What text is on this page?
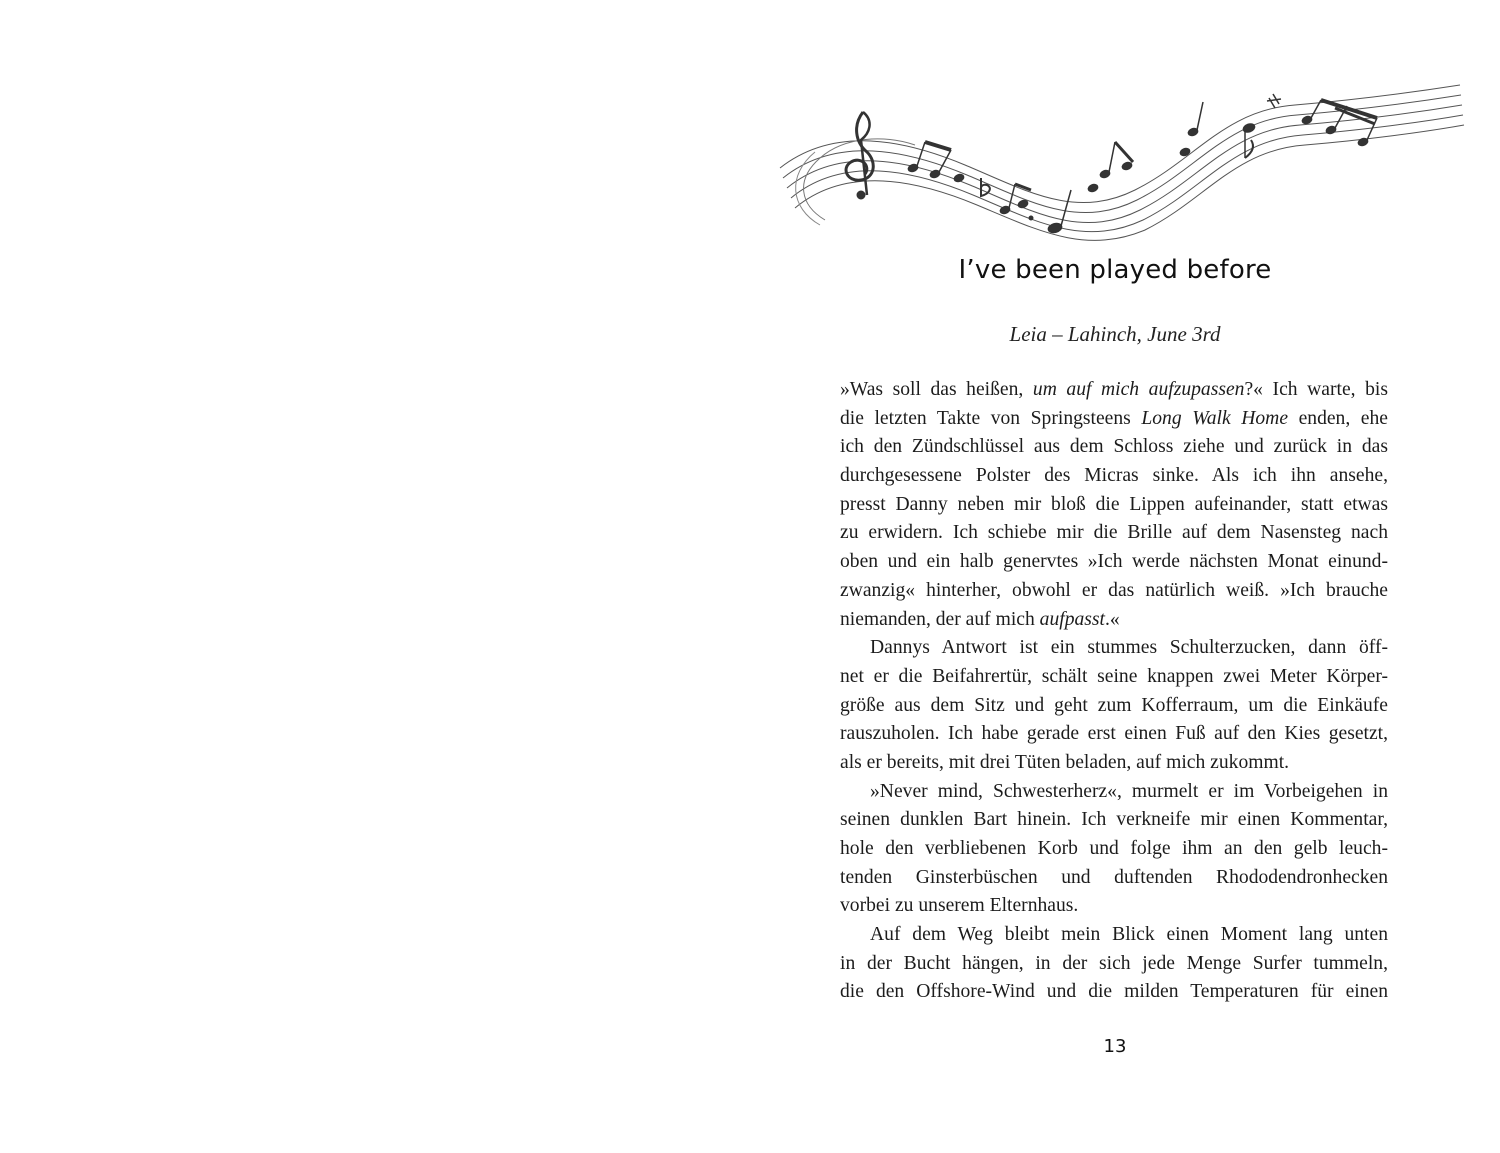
I’ve been played before
Leia – Lahinch, June 3rd
»Was soll das heißen, um auf mich aufzupassen?« Ich warte, bis
die letzten Takte von Springsteens Long Walk Home enden, ehe
ich den Zündschlüssel aus dem Schloss ziehe und zurück in das
durchgesessene Polster des Micras sinke. Als ich ihn ansehe,
presst Danny neben mir bloß die Lippen aufeinander, statt etwas
zu erwidern. Ich schiebe mir die Brille auf dem Nasensteg nach
oben und ein halb genervtes »Ich werde nächsten Monat einund-
zwanzig« hinterher, obwohl er das natürlich weiß. »Ich brauche
niemanden, der auf mich aufpasst.«
Dannys Antwort ist ein stummes Schulterzucken, dann öff-
net er die Beifahrertür, schält seine knappen zwei Meter Körper-
größe aus dem Sitz und geht zum Kofferraum, um die Einkäufe
rauszuholen. Ich habe gerade erst einen Fuß auf den Kies gesetzt,
als er bereits, mit drei Tüten beladen, auf mich zukommt.
»Never mind, Schwesterherz«, murmelt er im Vorbeigehen in
seinen dunklen Bart hinein. Ich verkneife mir einen Kommentar,
hole den verbliebenen Korb und folge ihm an den gelb leuch-
tenden Ginsterbüschen und duftenden Rhododendronhecken
vorbei zu unserem Elternhaus.
Auf dem Weg bleibt mein Blick einen Moment lang unten
in der Bucht hängen, in der sich jede Menge Surfer tummeln,
die den Offshore-Wind und die milden Temperaturen für einen
13
